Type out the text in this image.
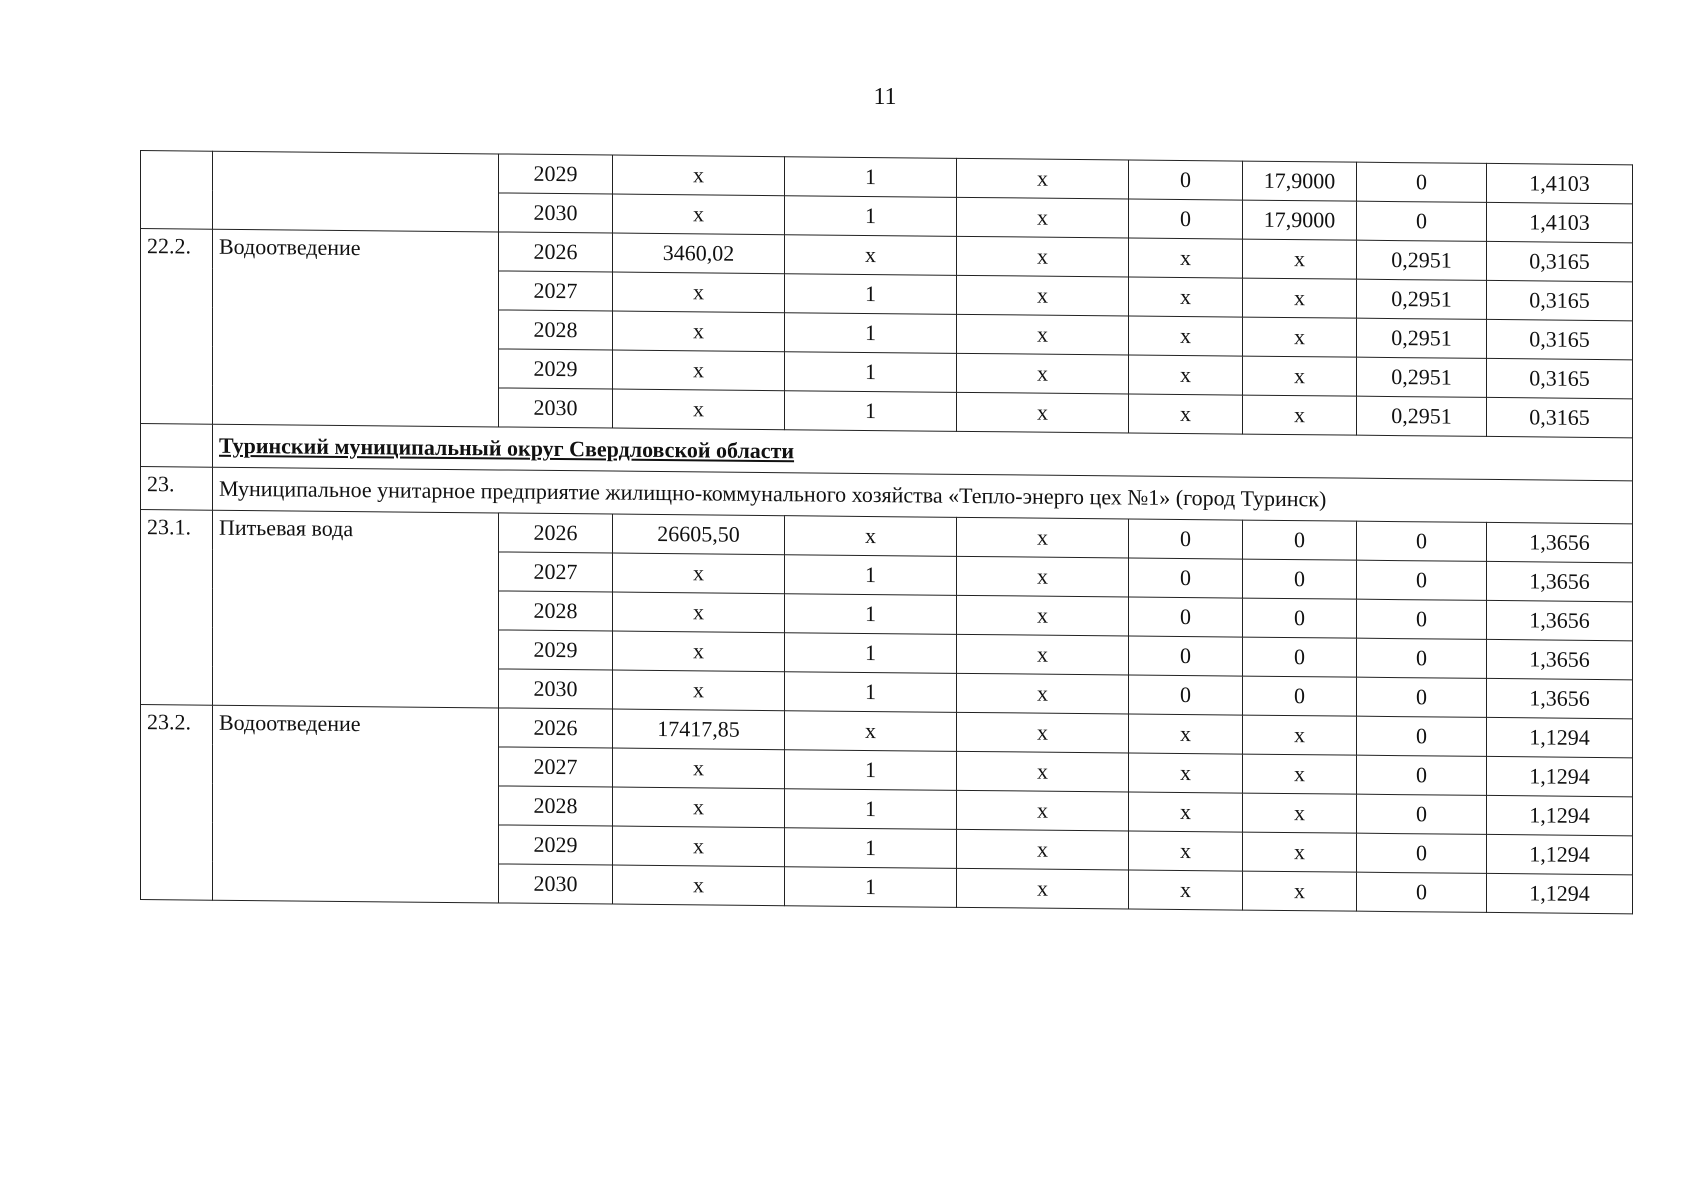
11
		2029	х	1	х	0	17,9000	0	1,4103
		2030	х	1	х	0	17,9000	0	1,4103
22.2.	Водоотведение	2026	3460,02	х	х	х	х	0,2951	0,3165
		2027	х	1	х	х	х	0,2951	0,3165
		2028	х	1	х	х	х	0,2951	0,3165
		2029	х	1	х	х	х	0,2951	0,3165
		2030	х	1	х	х	х	0,2951	0,3165
	Туринский муниципальный округ Свердловской области								
23.	Муниципальное унитарное предприятие жилищно-коммунального хозяйства «Тепло-энерго цех №1» (город Туринск)								
23.1.	Питьевая вода	2026	26605,50	х	х	0	0	0	1,3656
		2027	х	1	х	0	0	0	1,3656
		2028	х	1	х	0	0	0	1,3656
		2029	х	1	х	0	0	0	1,3656
		2030	х	1	х	0	0	0	1,3656
23.2.	Водоотведение	2026	17417,85	х	х	х	х	0	1,1294
		2027	х	1	х	х	х	0	1,1294
		2028	х	1	х	х	х	0	1,1294
		2029	х	1	х	х	х	0	1,1294
		2030	х	1	х	х	х	0	1,1294
